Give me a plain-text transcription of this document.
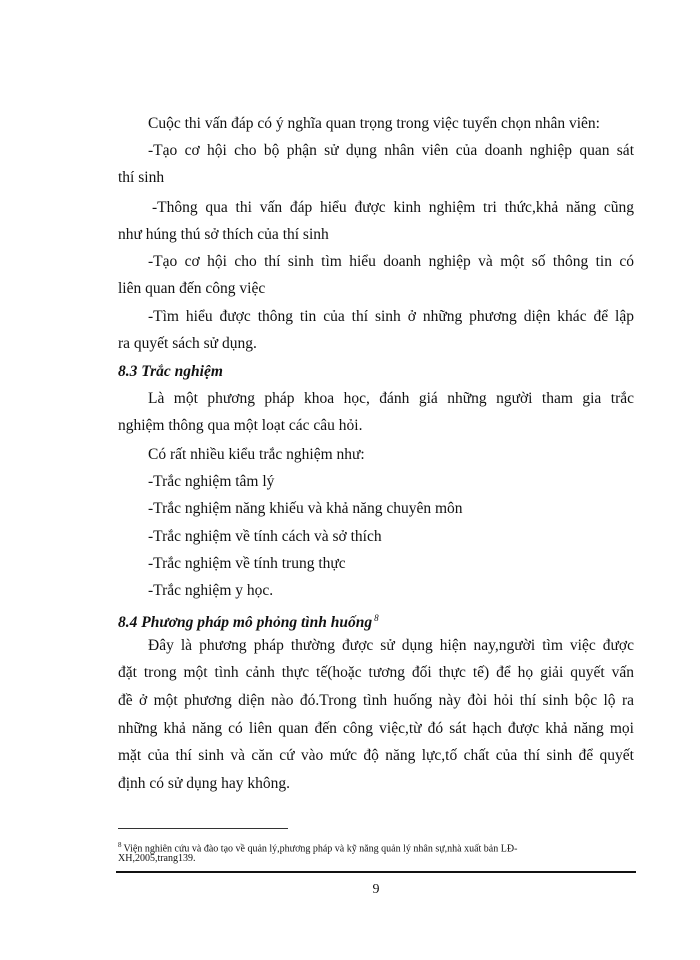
Cuộc thi vấn đáp có ý nghĩa quan trọng trong việc tuyển chọn nhân viên:
-Tạo cơ hội cho bộ phận sử dụng nhân viên của doanh nghiệp quan sát
thí sinh
-Thông qua thi vấn đáp hiểu được kinh nghiệm tri thức,khả năng cũng
như húng thú sở thích của thí sinh
-Tạo cơ hội cho thí sinh tìm hiểu doanh nghiệp và một số thông tin có
liên quan đến công việc
-Tìm hiểu được thông tin của thí sinh ở những phương diện khác để lập
ra quyết sách sử dụng.
8.3 Trắc nghiệm
Là một phương pháp khoa học, đánh giá những người tham gia trắc
nghiệm thông qua một loạt các câu hỏi.
Có rất nhiều kiểu trắc nghiệm như:
-Trắc nghiệm tâm lý
-Trắc nghiệm năng khiếu và khả năng chuyên môn
-Trắc nghiệm về tính cách và sở thích
-Trắc nghiệm về tính trung thực
-Trắc nghiệm y học.
8.4 Phương pháp mô phỏng tình huống $^8$
Đây là phương pháp thường được sử dụng hiện nay,người tìm việc được
đặt trong một tình cảnh thực tế(hoặc tương đối thực tế) để họ giải quyết vấn
đề ở một phương diện nào đó.Trong tình huống này đòi hỏi thí sinh bộc lộ ra
những khả năng có liên quan đến công việc,từ đó sát hạch được khả năng mọi
mặt của thí sinh và căn cứ vào mức độ năng lực,tố chất của thí sinh để quyết
định có sử dụng hay không.
$^8$ Viện nghiên cứu và đào tạo về quản lý,phương pháp và kỹ năng quản lý nhân sự,nhà xuất bản LĐ-
XH,2005,trang139.
9
